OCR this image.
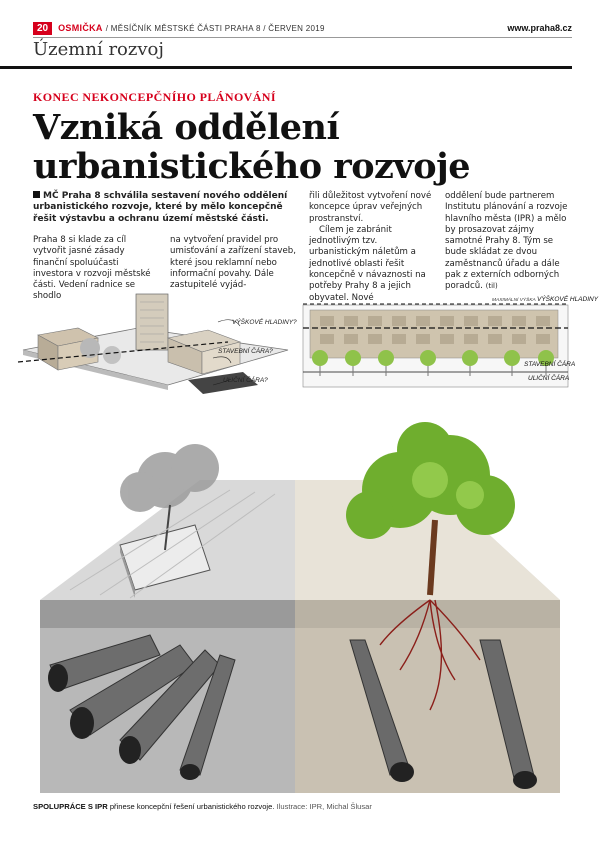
20	OSMIČKA / MĚSÍČNÍK MĚSTSKÉ ČÁSTI PRAHA 8 / ČERVEN 2019	www.praha8.cz
Územní rozvoj
KONEC NEKONCEPČNÍHO PLÁNOVÁNÍ
Vzniká oddělení
urbanistického rozvoje

MČ Praha 8 schválila sestavení nového oddělení urbanistického rozvoje, které by mělo koncepčně řešit výstavbu a ochranu území městské části.

Praha 8 si klade za cíl vytvořit jasné zásady finanční spoluúčasti investora v rozvoji městské části. Vedení radnice se shodlo

na vytvoření pravidel pro umisťování a zařízení staveb, které jsou reklamní nebo informační povahy. Dále zastupitelé vyjád-

řili důležitost vytvoření nové koncepce úprav veřejných prostranství.

Cílem je zabránit jednotlivým tzv. urbanistickým náletům a jednotlivé oblasti řešit koncepčně v návaznosti na potřeby Prahy 8 a jejich obyvatel. Nové

oddělení bude partnerem Institutu plánování a rozvoje hlavního města (IPR) a mělo by prosazovat zájmy samotné Prahy 8. Tým se bude skládat ze dvou zaměstnanců úřadu a dále pak z externích odborných poradců. (til)

VÝŠKOVÉ HLADINY?
STAVEBNÍ ČÁRA?
ULIČNÍ ČÁRA?
MAXIMÁLNÍ VÝŠKA VÝŠKOVÉ HLADINY
STAVEBNÍ ČÁRA
ULIČNÍ ČÁRA
SPOLUPRÁCE S IPR přinese koncepční řešení urbanistického rozvoje. Ilustrace: IPR, Michal Šlusar
